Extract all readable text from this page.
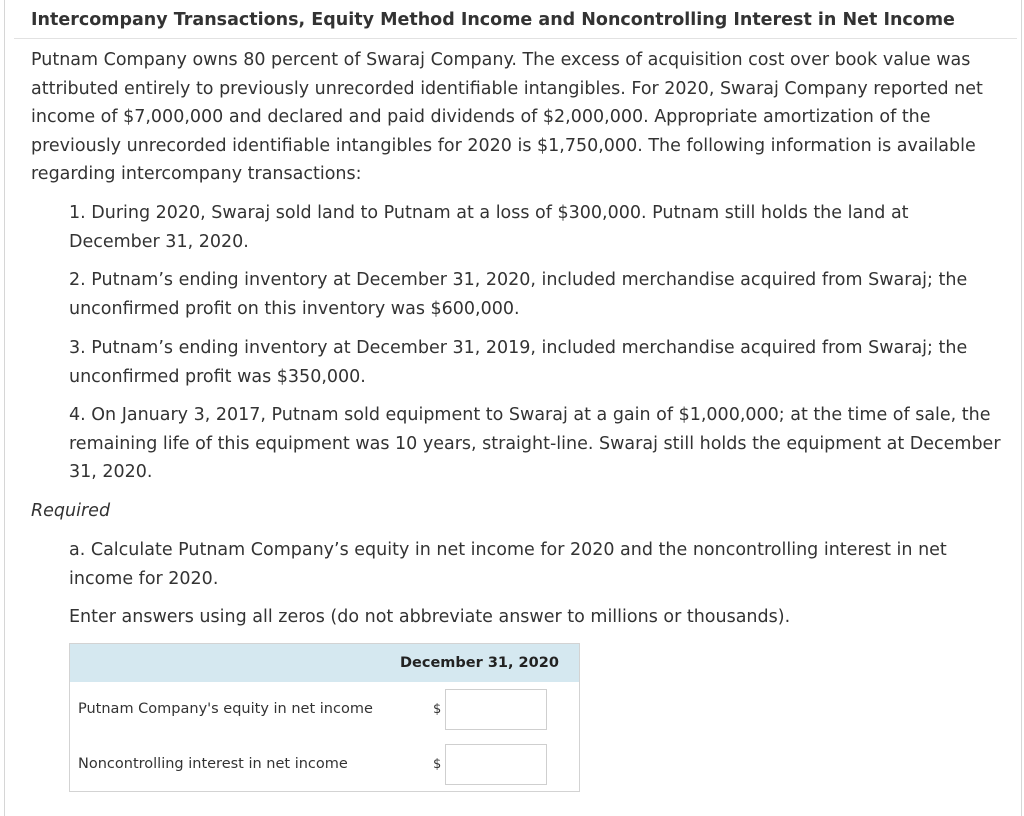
Intercompany Transactions, Equity Method Income and Noncontrolling Interest in Net Income

Putnam Company owns 80 percent of Swaraj Company. The excess of acquisition cost over book value was attributed entirely to previously unrecorded identifiable intangibles. For 2020, Swaraj Company reported net income of $7,000,000 and declared and paid dividends of $2,000,000. Appropriate amortization of the previously unrecorded identifiable intangibles for 2020 is $1,750,000. The following information is available regarding intercompany transactions:

1. During 2020, Swaraj sold land to Putnam at a loss of $300,000. Putnam still holds the land at December 31, 2020.

2. Putnam’s ending inventory at December 31, 2020, included merchandise acquired from Swaraj; the unconfirmed profit on this inventory was $600,000.

3. Putnam’s ending inventory at December 31, 2019, included merchandise acquired from Swaraj; the unconfirmed profit was $350,000.

4. On January 3, 2017, Putnam sold equipment to Swaraj at a gain of $1,000,000; at the time of sale, the remaining life of this equipment was 10 years, straight-line. Swaraj still holds the equipment at December 31, 2020.

Required

a. Calculate Putnam Company’s equity in net income for 2020 and the noncontrolling interest in net income for 2020.

Enter answers using all zeros (do not abbreviate answer to millions or thousands).

December 31, 2020
Putnam Company's equity in net income	$
Noncontrolling interest in net income	$
